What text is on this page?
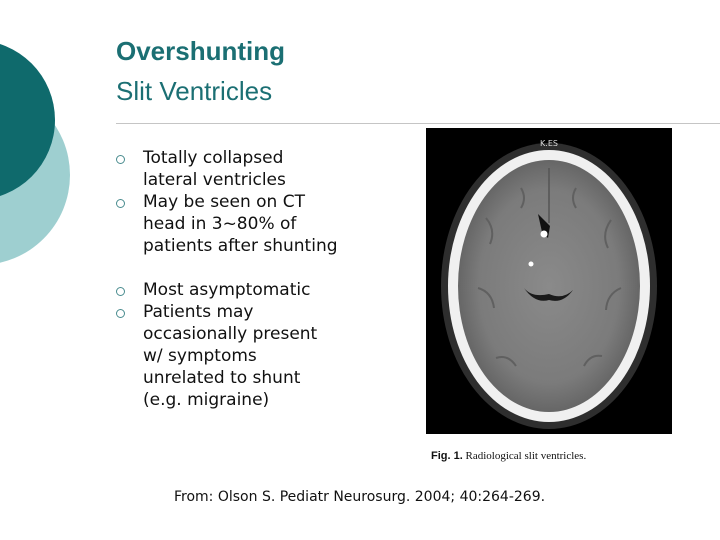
Overshunting
Slit Ventricles
Totally collapsed
lateral ventricles
May be seen on CT
head in 3~80% of
patients after shunting
Most asymptomatic
Patients may
occasionally present
w/ symptoms
unrelated to shunt
(e.g. migraine)
K.ES
Fig. 1. Radiological slit ventricles.
From: Olson S. Pediatr Neurosurg. 2004; 40:264-269.
